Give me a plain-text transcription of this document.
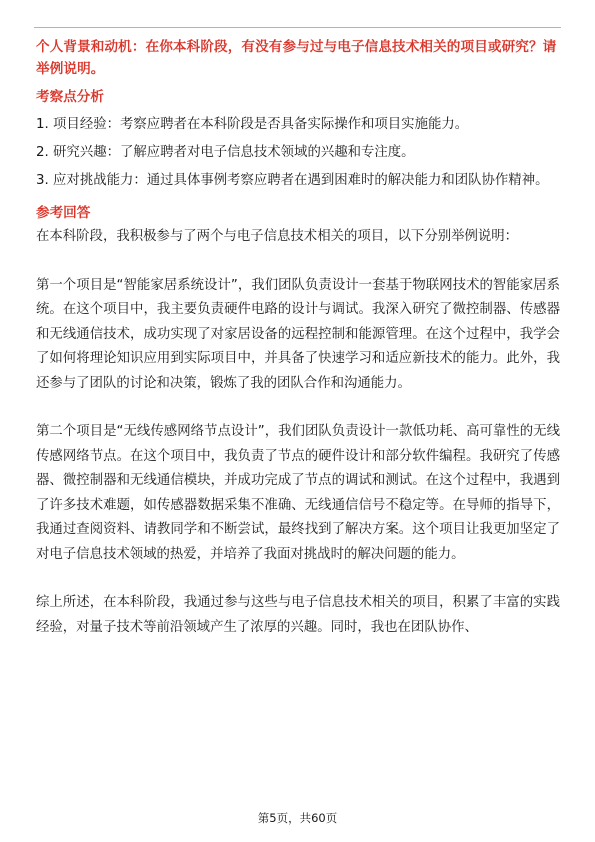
个人背景和动机：在你本科阶段，有没有参与过与电子信息技术相关的项目或研究？请举例说明。

考察点分析

1. 项目经验：考察应聘者在本科阶段是否具备实际操作和项目实施能力。

2. 研究兴趣：了解应聘者对电子信息技术领域的兴趣和专注度。

3. 应对挑战能力：通过具体事例考察应聘者在遇到困难时的解决能力和团队协作精神。

参考回答

在本科阶段，我积极参与了两个与电子信息技术相关的项目，以下分别举例说明：

第一个项目是“智能家居系统设计”，我们团队负责设计一套基于物联网技术的智能家居系统。在这个项目中，我主要负责硬件电路的设计与调试。我深入研究了微控制器、传感器和无线通信技术，成功实现了对家居设备的远程控制和能源管理。在这个过程中，我学会了如何将理论知识应用到实际项目中，并具备了快速学习和适应新技术的能力。此外，我还参与了团队的讨论和决策，锻炼了我的团队合作和沟通能力。

第二个项目是“无线传感网络节点设计”，我们团队负责设计一款低功耗、高可靠性的无线传感网络节点。在这个项目中，我负责了节点的硬件设计和部分软件编程。我研究了传感器、微控制器和无线通信模块，并成功完成了节点的调试和测试。在这个过程中，我遇到了许多技术难题，如传感器数据采集不准确、无线通信信号不稳定等。在导师的指导下，我通过查阅资料、请教同学和不断尝试，最终找到了解决方案。这个项目让我更加坚定了对电子信息技术领域的热爱，并培养了我面对挑战时的解决问题的能力。

综上所述，在本科阶段，我通过参与这些与电子信息技术相关的项目，积累了丰富的实践经验，对量子技术等前沿领域产生了浓厚的兴趣。同时，我也在团队协作、

第5页，共60页
